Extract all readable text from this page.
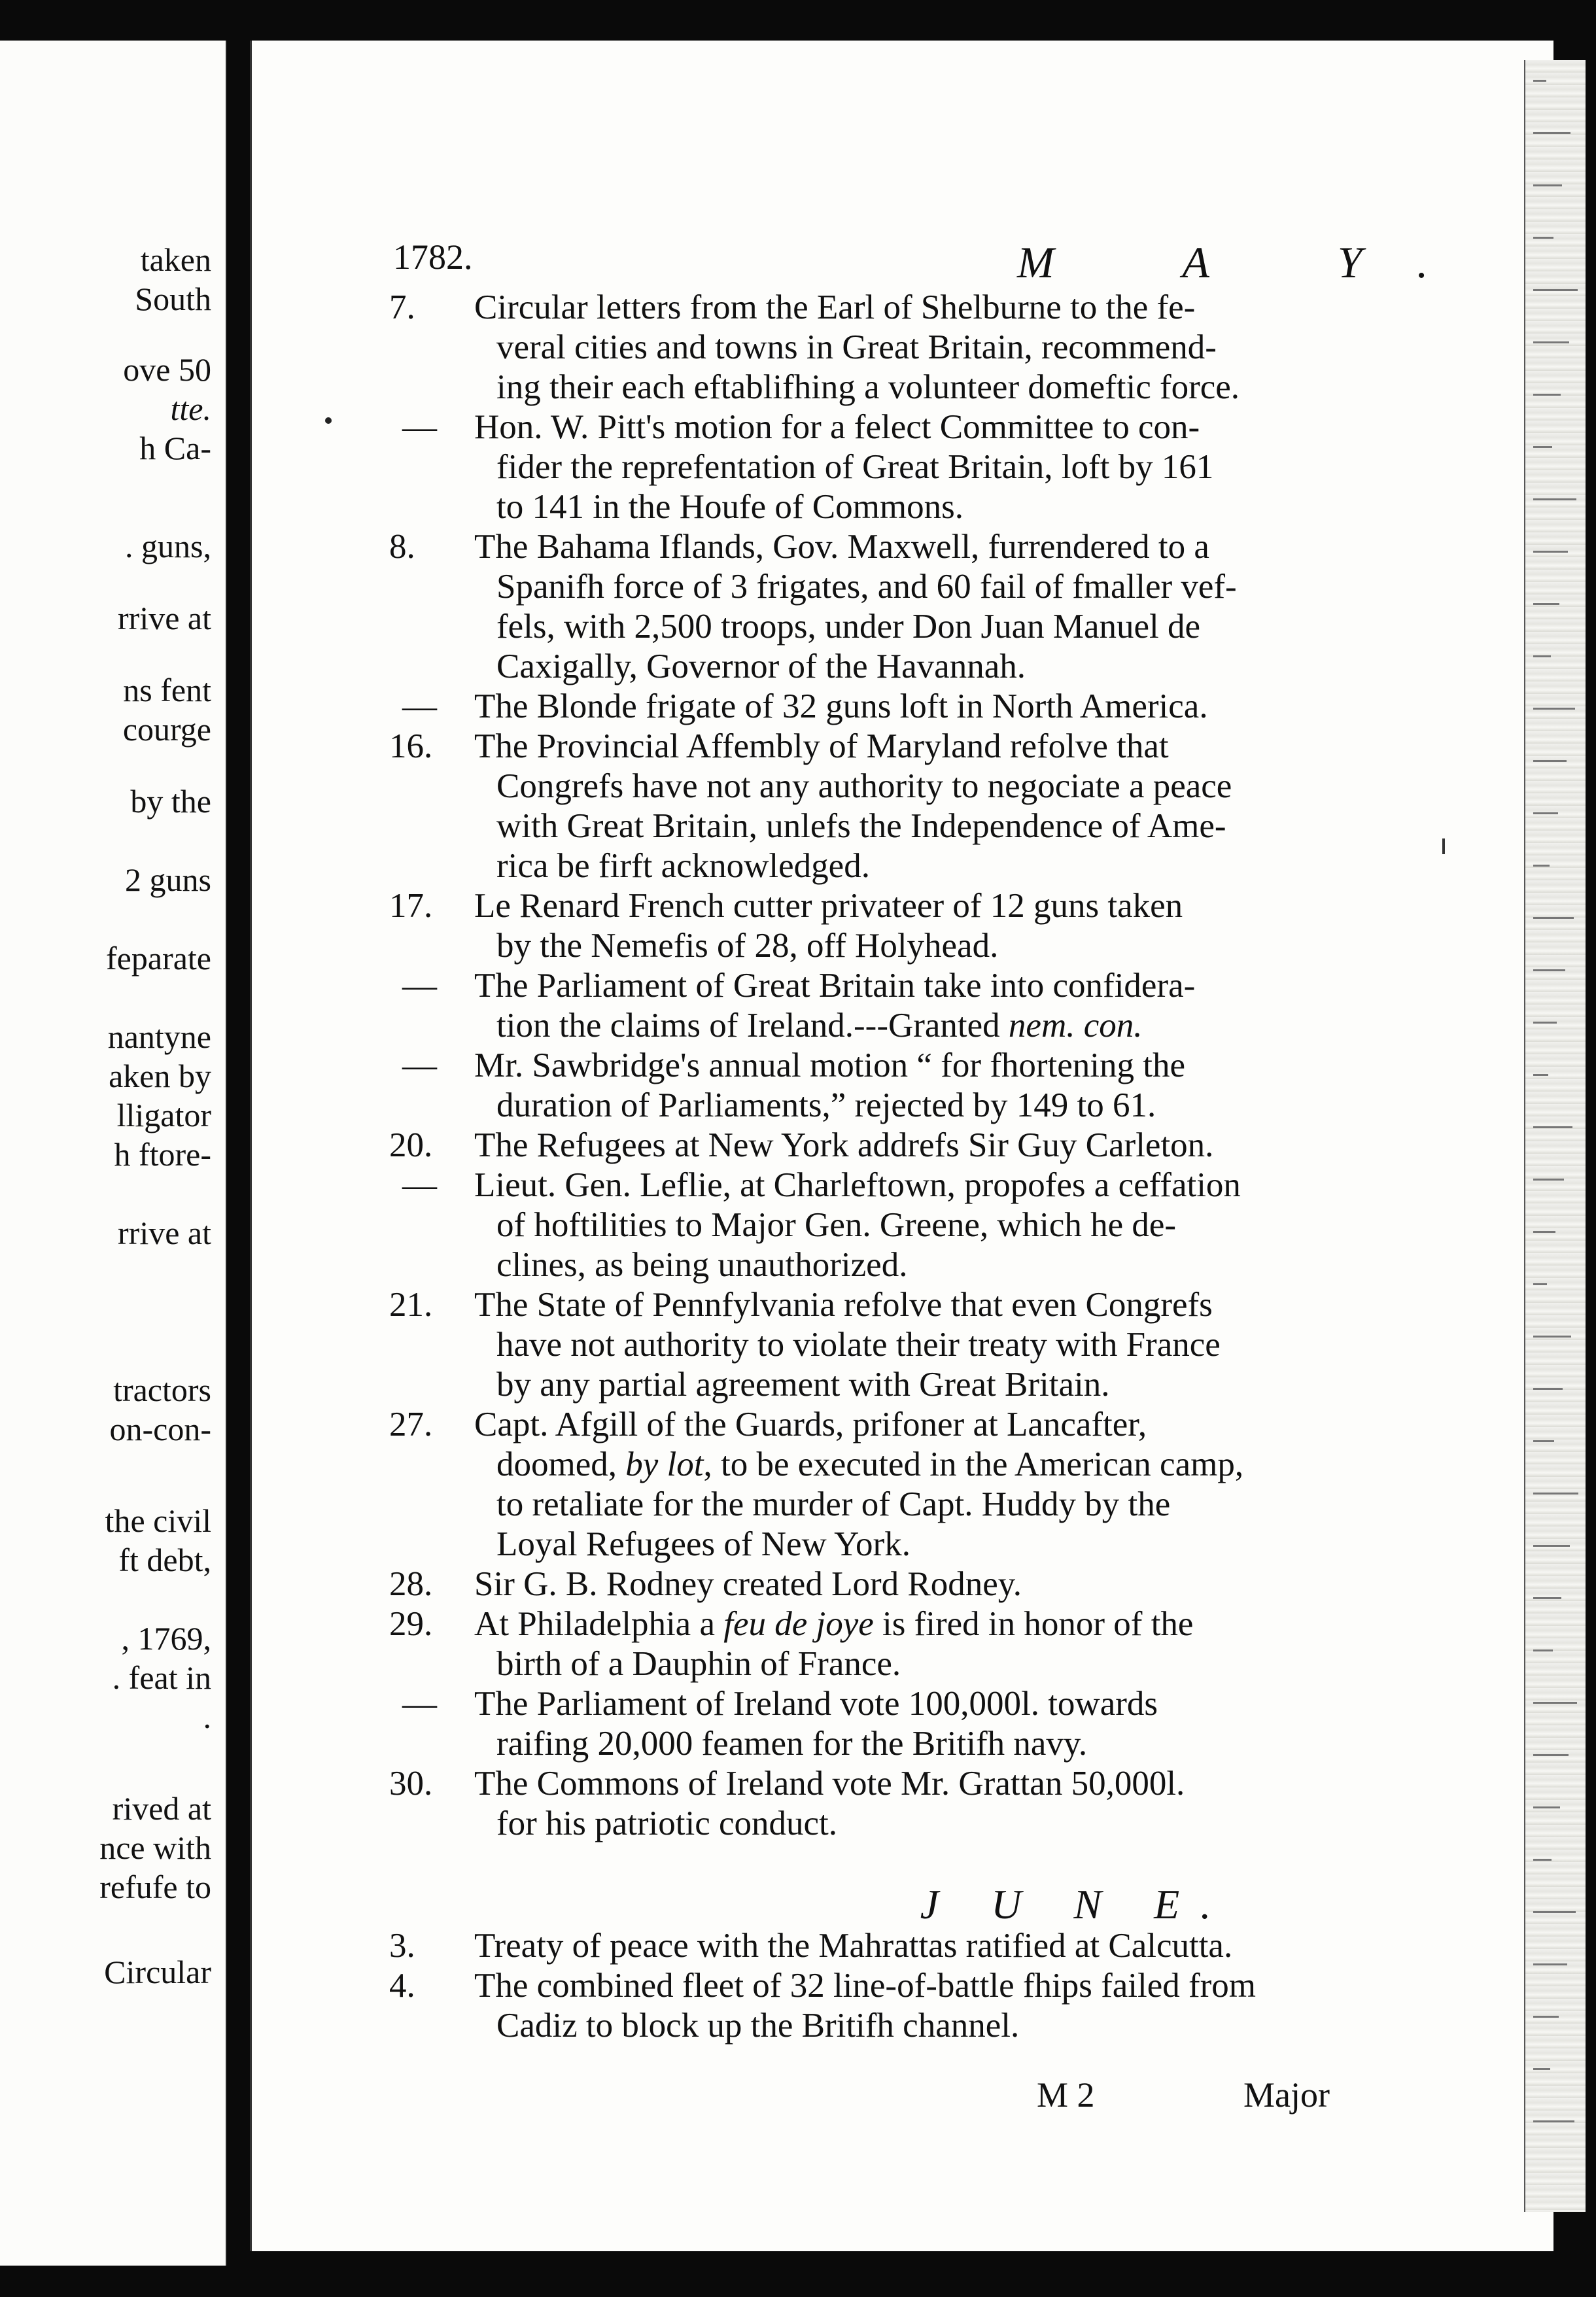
taken
South
ove 50
tte.
h Ca-
. guns,
rrive at
ns fent
courge
by the
2 guns
feparate
nantyne
aken by
lligator
h ftore-
rrive at
tractors
on-con-
the civil
ft debt,
, 1769,
. feat in
.
rived at
nce with
refufe to
Circular
1782.	M A Y.
7.	Circular letters from the Earl of Shelburne to the fe-
veral cities and towns in Great Britain, recommend-
ing their each eftablifhing a volunteer domeftic force.
— Hon. W. Pitt's motion for a felect Committee to con-
fider the reprefentation of Great Britain, loft by 161
to 141 in the Houfe of Commons.
8.	The Bahama Iflands, Gov. Maxwell, furrendered to a
Spanifh force of 3 frigates, and 60 fail of fmaller vef-
fels, with 2,500 troops, under Don Juan Manuel de
Caxigally, Governor of the Havannah.
— The Blonde frigate of 32 guns loft in North America.
16.	The Provincial Affembly of Maryland refolve that
Congrefs have not any authority to negociate a peace
with Great Britain, unlefs the Independence of Ame-
rica be firft acknowledged.
17.	Le Renard French cutter privateer of 12 guns taken
by the Nemefis of 28, off Holyhead.
— The Parliament of Great Britain take into confidera-
tion the claims of Ireland.---Granted nem. con.
— Mr. Sawbridge's annual motion “ for fhortening the
duration of Parliaments,” rejected by 149 to 61.
20.	The Refugees at New York addrefs Sir Guy Carleton.
— Lieut. Gen. Leflie, at Charleftown, propofes a ceffation
of hoftilities to Major Gen. Greene, which he de-
clines, as being unauthorized.
21.	The State of Pennfylvania refolve that even Congrefs
have not authority to violate their treaty with France
by any partial agreement with Great Britain.
27.	Capt. Afgill of the Guards, prifoner at Lancafter,
doomed, by lot, to be executed in the American camp,
to retaliate for the murder of Capt. Huddy by the
Loyal Refugees of New York.
28.	Sir G. B. Rodney created Lord Rodney.
29.	At Philadelphia a feu de joye is fired in honor of the
birth of a Dauphin of France.
— The Parliament of Ireland vote 100,000l. towards
raifing 20,000 feamen for the Britifh navy.
30.	The Commons of Ireland vote Mr. Grattan 50,000l.
for his patriotic conduct.
J U N E.
3.	Treaty of peace with the Mahrattas ratified at Calcutta.
4.	The combined fleet of 32 line-of-battle fhips failed from
Cadiz to block up the Britifh channel.
M 2	Major
